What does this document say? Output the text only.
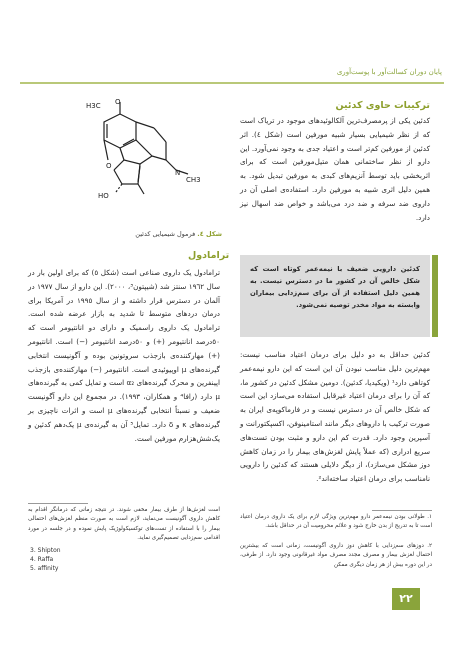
پایان دوران کسالت‌آور با پوست‌آوری
ترکیبات حاوی کدئین

کدئین یکی از پرمصرف‌ترین آلکالوئیدهای موجود در تریاک است که از نظر شیمیایی بسیار شبیه مورفین است (شکل ٤). اثر کدئین از مورفین کم‌تر است و اعتیاد جدی به وجود نمی‌آورد. این دارو از نظر ساختمانی همان متیل‌مورفین است که برای اثربخشی باید توسط آنزیم‌های کبدی به مورفین تبدیل شود. به همین دلیل اثری شبیه به مورفین دارد. استفاده‌ی اصلی آن در داروی ضد سرفه و ضد درد می‌باشد و خواص ضد اسهال نیز دارد.

کدئین دارویی ضعیف با نیمه‌عمر کوتاه است که شکل خالص آن در کشور ما در دسترس نیست. به همین دلیل استفاده از آن برای سم‌زدایی بیماران وابسته به مواد مخدر توصیه نمی‌شود.

کدئین حداقل به دو دلیل برای درمان اعتیاد مناسب نیست: مهم‌ترین دلیل مناسب نبودن آن این است که این دارو نیمه‌عمر کوتاهی دارد¹ (ویکیدیا، کدئین). دومین مشکل کدئین در کشور ما، که آن را برای درمان اعتیاد غیرقابل استفاده می‌سازد این است که شکل خالص آن در دسترس نیست و در فارماکوپه‌ی ایران به صورت ترکیب با داروهای دیگر مانند استامینوفن، اکسپکتورانت و آسپرین وجود دارد. قدرت کم این دارو و مثبت بودن تست‌های سریع ادراری (که عملاً پایش لغزش‌های بیمار را در زمان کاهش دوز مشکل می‌سازد)، از دیگر دلایلی هستند که کدئین را دارویی نامناسب برای درمان اعتیاد ساخته‌اند².

O
H3C
O
N
CH3
HO
شکل ٤. فرمول شیمیایی کدئین
ترامادول

ترامادول یک داروی صناعی است (شکل ٥) که برای اولین بار در سال ١٩٦٢ سنتز شد (شیپتون³، ٢٠٠٠). این دارو از سال ١٩٧٧ در آلمان در دسترس قرار داشته و از سال ١٩٩٥ در آمریکا برای درمان دردهای متوسط تا شدید به بازار عرضه شده است. ترامادول یک داروی راسمیک و دارای دو انانتیومر است که ٥٠درصد انانتیومر (+) و ٥٠درصد انانتیومر (−) است. انانتیومر (+) مهارکننده‌ی بازجذب سروتونین بوده و آگونیست انتخابی گیرنده‌های μ اوپیوئیدی است. انانتیومر (−) مهارکننده‌ی بازجذب اپینفرین و محرک گیرنده‌های α₂ است و تمایل کمی به گیرنده‌های μ دارد (رافا⁴ و همکاران، ١٩٩٣). در مجموع این دارو آگونیست ضعیف و نسبتاً انتخابی گیرنده‌های μ است و اثرات ناچیزی بر گیرنده‌های κ و δ دارد. تمایل⁵ آن به گیرنده‌ی μ یک‌دهم کدئین و یک‌شش‌هزارم مورفین است.

است لغزش‌ها از طرف بیمار مخفی شوند. در نتیجه زمانی که درمانگر اقدام به کاهش داروی آگونیست می‌نماید، لازم است به صورت منظم لغزش‌های احتمالی بیمار را با استفاده از تست‌های توکسیکولوژیک پایش نموده و در جلسه در مورد اقدامی سم‌زدایی تصمیم‌گیری نماید.

3. Shipton
4. Raffa
5. affinity

١. طولانی بودن نیمه‌عمر دارو مهم‌ترین ویژگی لازم برای یک داروی درمان اعتیاد است تا به تدریج از بدن خارج شود و علائم محرومیت آن در حداقل باشد.

٢. دوزهای سم‌زدایی با کاهش دوز داروی آگونیست، زمانی است که بیشترین احتمال لغزش بیمار و مصرف مجدد مصرف مواد غیرقانونی وجود دارد. از طرفی، در این دوره بیش از هر زمان دیگری ممکن

٢٢
